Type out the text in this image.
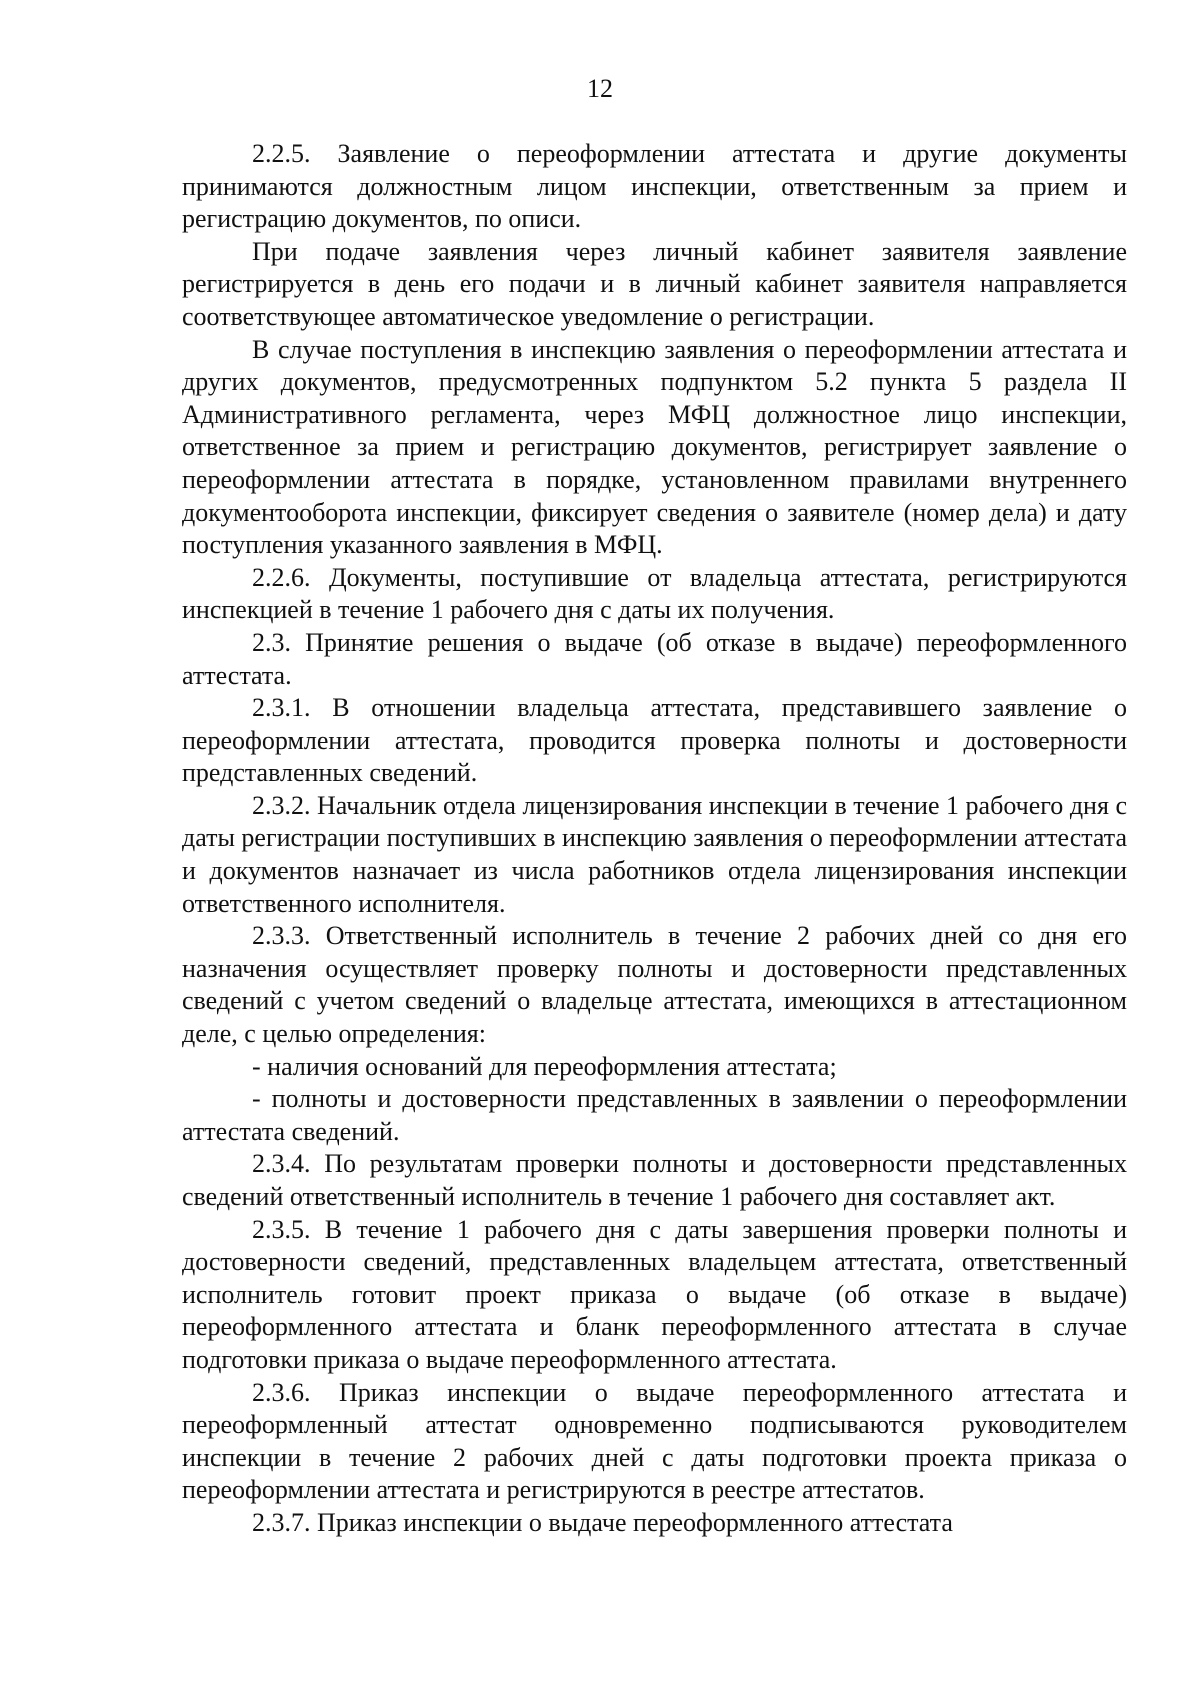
12

2.2.5. Заявление о переоформлении аттестата и другие документы принимаются должностным лицом инспекции, ответственным за прием и регистрацию документов, по описи.

При подаче заявления через личный кабинет заявителя заявление регистрируется в день его подачи и в личный кабинет заявителя направляется соответствующее автоматическое уведомление о регистрации.

В случае поступления в инспекцию заявления о переоформлении аттестата и других документов, предусмотренных подпунктом 5.2 пункта 5 раздела II Административного регламента, через МФЦ должностное лицо инспекции, ответственное за прием и регистрацию документов, регистрирует заявление о переоформлении аттестата в порядке, установленном правилами внутреннего документооборота инспекции, фиксирует сведения о заявителе (номер дела) и дату поступления указанного заявления в МФЦ.

2.2.6. Документы, поступившие от владельца аттестата, регистрируются инспекцией в течение 1 рабочего дня с даты их получения.

2.3. Принятие решения о выдаче (об отказе в выдаче) переоформленного аттестата.

2.3.1. В отношении владельца аттестата, представившего заявление о переоформлении аттестата, проводится проверка полноты и достоверности представленных сведений.

2.3.2. Начальник отдела лицензирования инспекции в течение 1 рабочего дня с даты регистрации поступивших в инспекцию заявления о переоформлении аттестата и документов назначает из числа работников отдела лицензирования инспекции ответственного исполнителя.

2.3.3. Ответственный исполнитель в течение 2 рабочих дней со дня его назначения осуществляет проверку полноты и достоверности представленных сведений с учетом сведений о владельце аттестата, имеющихся в аттестационном деле, с целью определения:

- наличия оснований для переоформления аттестата;

- полноты и достоверности представленных в заявлении о переоформлении аттестата сведений.

2.3.4. По результатам проверки полноты и достоверности представленных сведений ответственный исполнитель в течение 1 рабочего дня составляет акт.

2.3.5. В течение 1 рабочего дня с даты завершения проверки полноты и достоверности сведений, представленных владельцем аттестата, ответственный исполнитель готовит проект приказа о выдаче (об отказе в выдаче) переоформленного аттестата и бланк переоформленного аттестата в случае подготовки приказа о выдаче переоформленного аттестата.

2.3.6. Приказ инспекции о выдаче переоформленного аттестата и переоформленный аттестат одновременно подписываются руководителем инспекции в течение 2 рабочих дней с даты подготовки проекта приказа о переоформлении аттестата и регистрируются в реестре аттестатов.

2.3.7. Приказ инспекции о выдаче переоформленного аттестата
